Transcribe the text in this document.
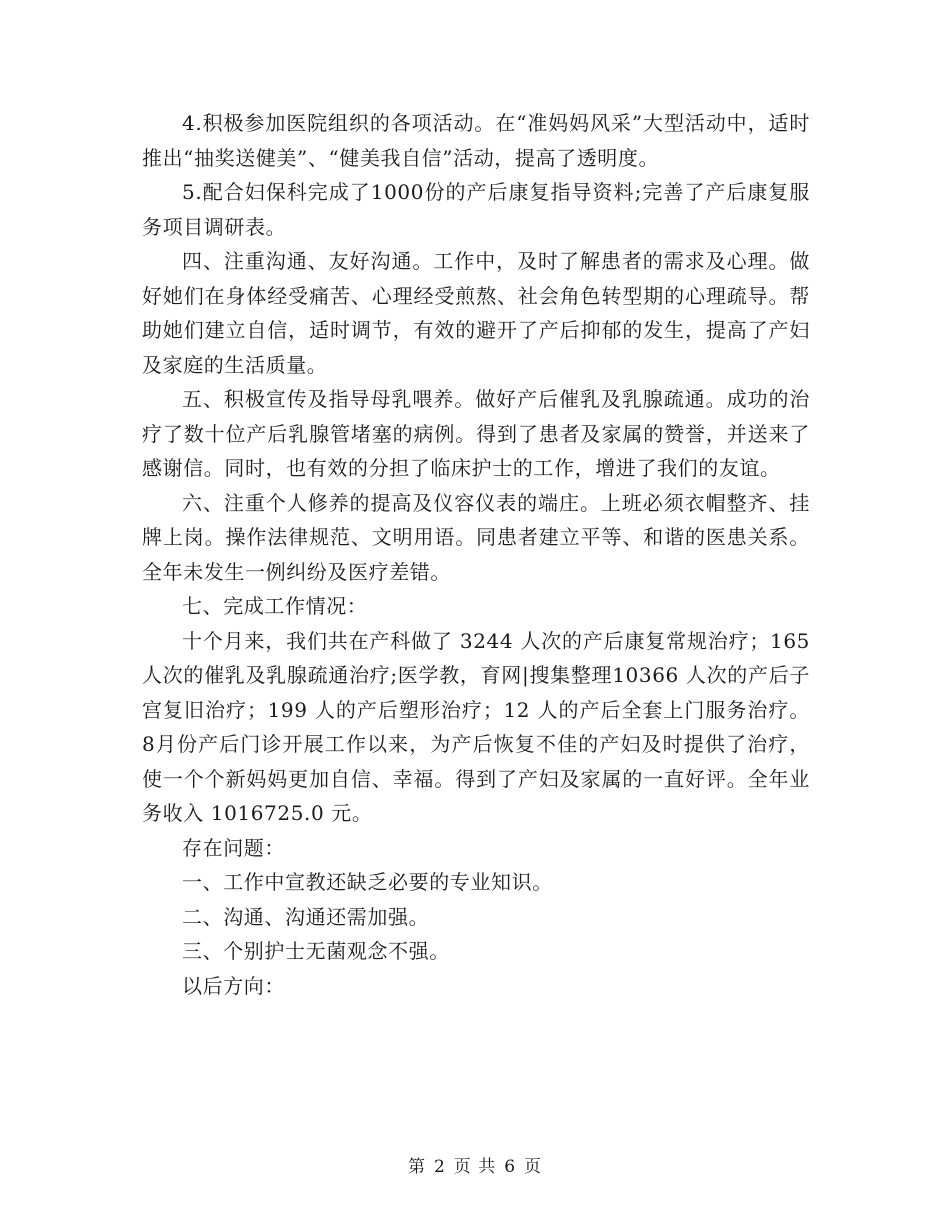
4.积极参加医院组织的各项活动。在“准妈妈风采”大型活动中，适时推出“抽奖送健美”、“健美我自信”活动，提高了透明度。

5.配合妇保科完成了1000份的产后康复指导资料;完善了产后康复服务项目调研表。

四、注重沟通、友好沟通。工作中，及时了解患者的需求及心理。做好她们在身体经受痛苦、心理经受煎熬、社会角色转型期的心理疏导。帮助她们建立自信，适时调节，有效的避开了产后抑郁的发生，提高了产妇及家庭的生活质量。

五、积极宣传及指导母乳喂养。做好产后催乳及乳腺疏通。成功的治疗了数十位产后乳腺管堵塞的病例。得到了患者及家属的赞誉，并送来了感谢信。同时，也有效的分担了临床护士的工作，增进了我们的友谊。

六、注重个人修养的提高及仪容仪表的端庄。上班必须衣帽整齐、挂牌上岗。操作法律规范、文明用语。同患者建立平等、和谐的医患关系。全年未发生一例纠纷及医疗差错。

七、完成工作情况：

十个月来，我们共在产科做了 3244 人次的产后康复常规治疗；165 人次的催乳及乳腺疏通治疗;医学教，育网|搜集整理10366 人次的产后子宫复旧治疗；199 人的产后塑形治疗；12 人的产后全套上门服务治疗。8月份产后门诊开展工作以来，为产后恢复不佳的产妇及时提供了治疗，使一个个新妈妈更加自信、幸福。得到了产妇及家属的一直好评。全年业务收入 1016725.0 元。

存在问题：

一、工作中宣教还缺乏必要的专业知识。

二、沟通、沟通还需加强。

三、个别护士无菌观念不强。

以后方向：

第 2 页 共 6 页
